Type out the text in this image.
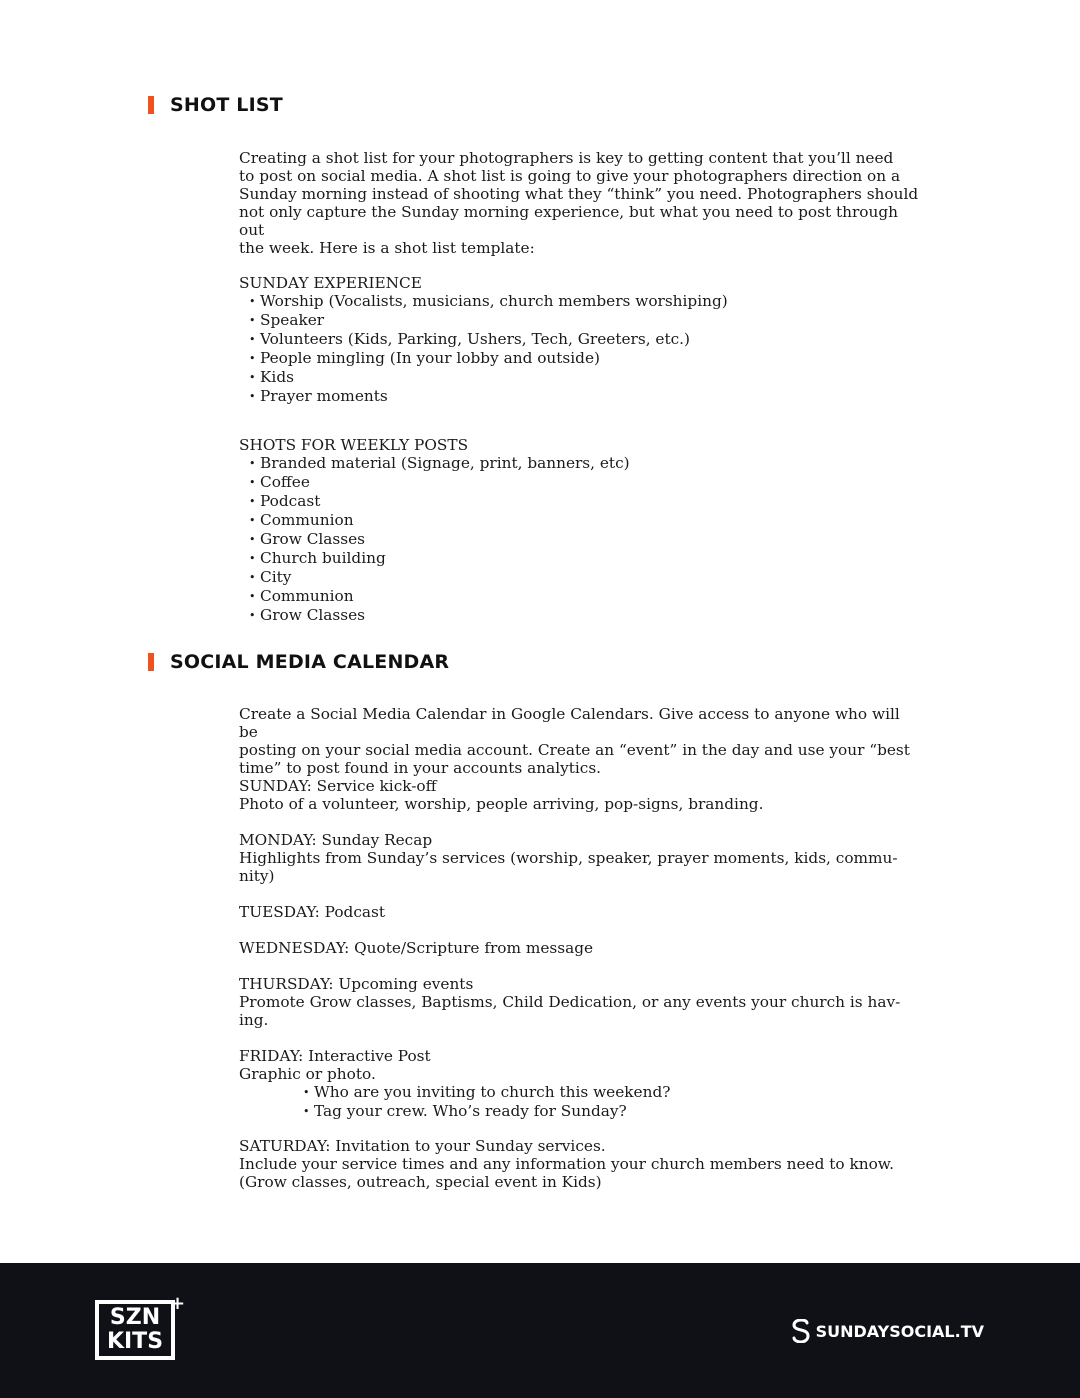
SHOT LIST

Creating a shot list for your photographers is key to getting content that you’ll need

to post on social media. A shot list is going to give your photographers direction on a

Sunday morning instead of shooting what they “think” you need. Photographers should

not only capture the Sunday morning experience, but what you need to post through out

the week. Here is a shot list template:

SUNDAY EXPERIENCE

• Worship (Vocalists, musicians, church members worshiping)
• Speaker
• Volunteers (Kids, Parking, Ushers, Tech, Greeters, etc.)
• People mingling (In your lobby and outside)
• Kids
• Prayer moments

SHOTS FOR WEEKLY POSTS

• Branded material (Signage, print, banners, etc)
• Coffee
• Podcast
• Communion
• Grow Classes
• Church building
• City
• Communion
• Grow Classes
SOCIAL MEDIA CALENDAR

Create a Social Media Calendar in Google Calendars. Give access to anyone who will be

posting on your social media account. Create an “event” in the day and use your “best

time” to post found in your accounts analytics.

SUNDAY: Service kick-off

Photo of a volunteer, worship, people arriving, pop-signs, branding.

MONDAY: Sunday Recap

Highlights from Sunday’s services (worship, speaker, prayer moments, kids, commu-

nity)

TUESDAY: Podcast

WEDNESDAY: Quote/Scripture from message

THURSDAY: Upcoming events

Promote Grow classes, Baptisms, Child Dedication, or any events your church is hav-

ing.

FRIDAY: Interactive Post

Graphic or photo.

• Who are you inviting to church this weekend?
• Tag your crew. Who’s ready for Sunday?

SATURDAY: Invitation to your Sunday services.

Include your service times and any information your church members need to know.

(Grow classes, outreach, special event in Kids)

SZN
KITS
+
SUNDAYSOCIAL.TV
